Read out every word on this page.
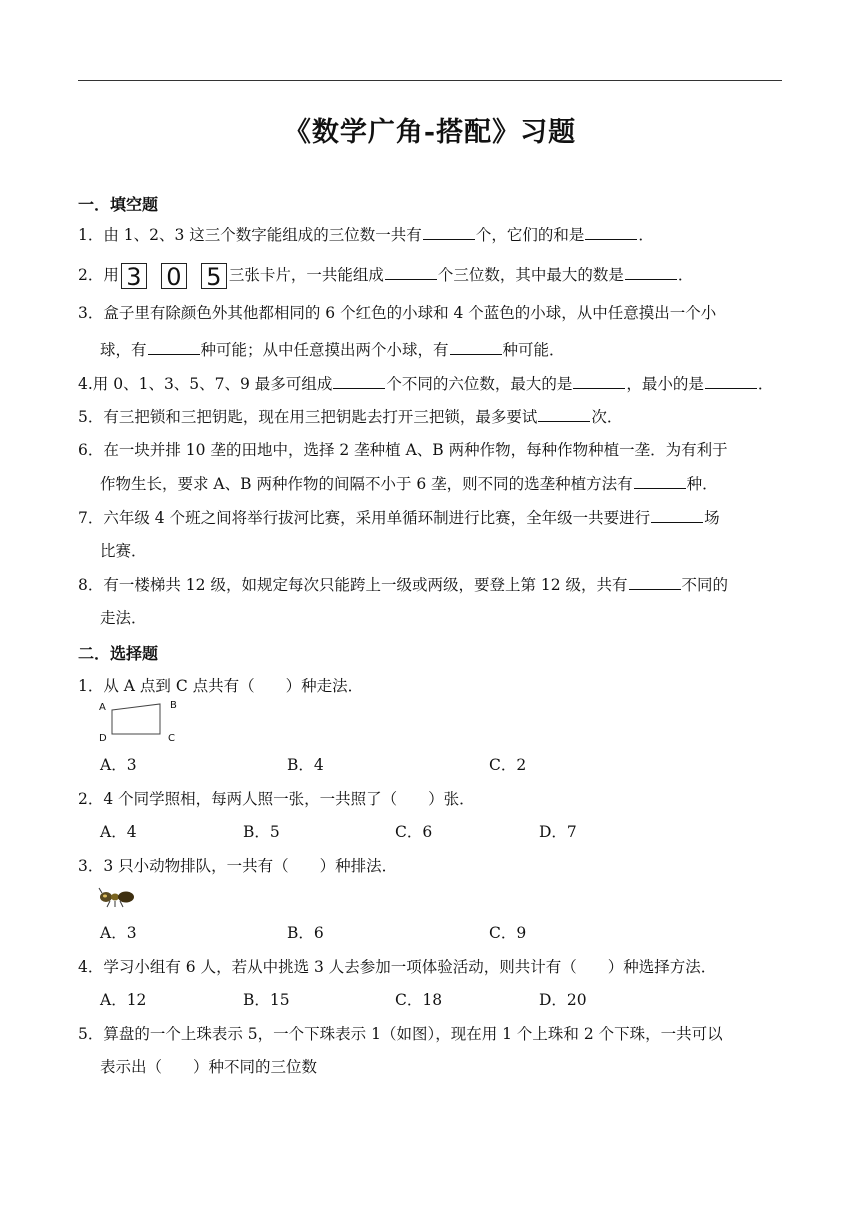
《数学广角-搭配》习题
一．填空题
1．由 1、2、3 这三个数字能组成的三位数一共有	个，它们的和是	．
2．用 3 0 5 三张卡片，一共能组成	个三位数，其中最大的数是	．
3．盒子里有除颜色外其他都相同的 6 个红色的小球和 4 个蓝色的小球，从中任意摸出一个小
球，有	种可能；从中任意摸出两个小球，有	种可能．
4.用 0、1、3、5、7、9 最多可组成	个不同的六位数，最大的是	，最小的是	．
5．有三把锁和三把钥匙，现在用三把钥匙去打开三把锁，最多要试	次．
6．在一块并排 10 垄的田地中，选择 2 垄种植 A、B 两种作物，每种作物种植一垄．为有利于
作物生长，要求 A、B 两种作物的间隔不小于 6 垄，则不同的选垄种植方法有	种．
7．六年级 4 个班之间将举行拔河比赛，采用单循环制进行比赛，全年级一共要进行	场
比赛．
8．有一楼梯共 12 级，如规定每次只能跨上一级或两级，要登上第 12 级，共有	不同的
走法．
二．选择题
1．从 A 点到 C 点共有（　　）种走法．
A	B
D	C
A．3	B．4	C．2
2．4 个同学照相，每两人照一张，一共照了（　　）张．
A．4	B．5	C．6	D．7
3．3 只小动物排队，一共有（　　）种排法．
A．3	B．6	C．9
4．学习小组有 6 人，若从中挑选 3 人去参加一项体验活动，则共计有（　　）种选择方法．
A．12	B．15	C．18	D．20
5．算盘的一个上珠表示 5，一个下珠表示 1（如图），现在用 1 个上珠和 2 个下珠，一共可以
表示出（　　）种不同的三位数
